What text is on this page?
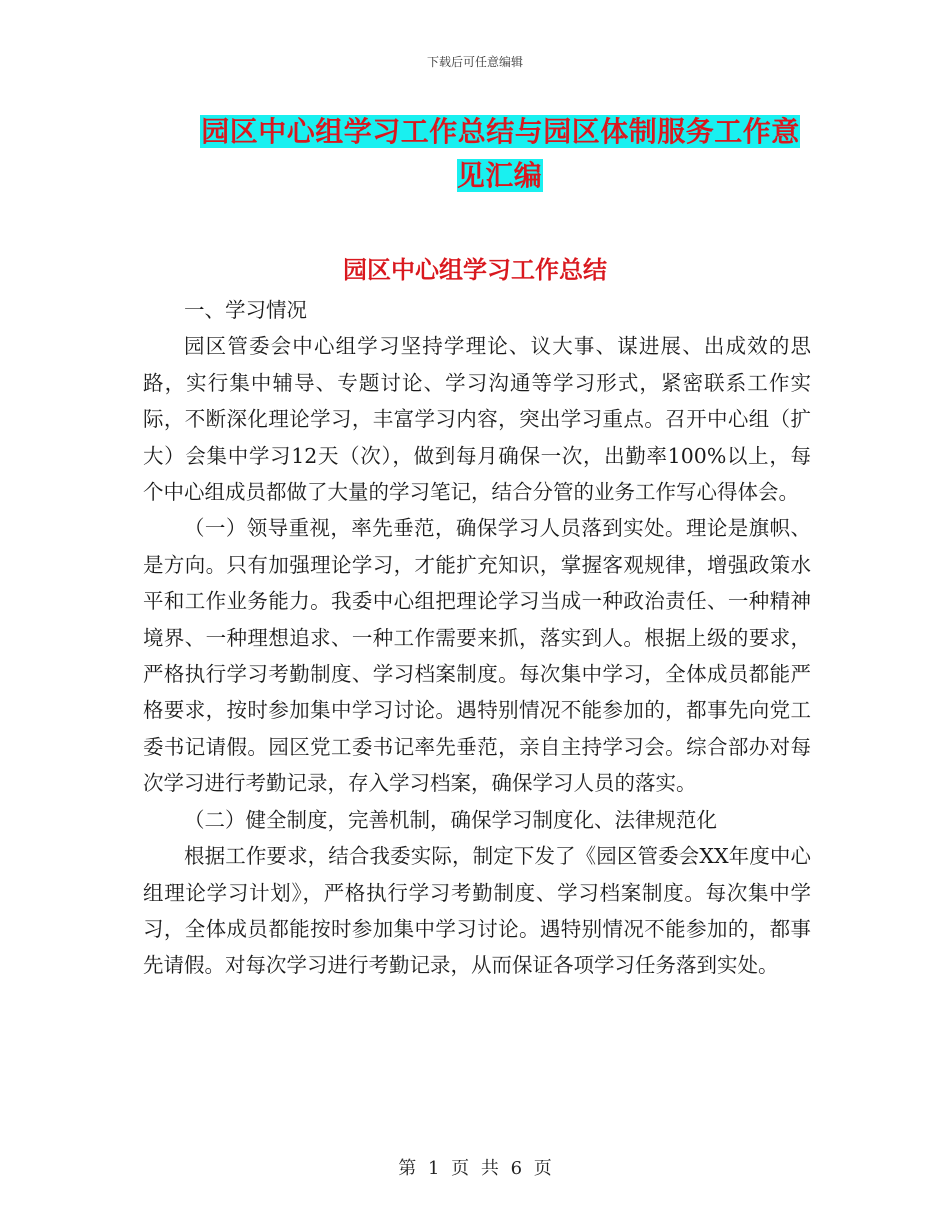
下载后可任意编辑
园区中心组学习工作总结与园区体制服务工作意见汇编
园区中心组学习工作总结

一、学习情况

园区管委会中心组学习坚持学理论、议大事、谋进展、出成效的思路，实行集中辅导、专题讨论、学习沟通等学习形式，紧密联系工作实际，不断深化理论学习，丰富学习内容，突出学习重点。召开中心组（扩大）会集中学习12天（次），做到每月确保一次，出勤率100%以上，每个中心组成员都做了大量的学习笔记，结合分管的业务工作写心得体会。

（一）领导重视，率先垂范，确保学习人员落到实处。理论是旗帜、是方向。只有加强理论学习，才能扩充知识，掌握客观规律，增强政策水平和工作业务能力。我委中心组把理论学习当成一种政治责任、一种精神境界、一种理想追求、一种工作需要来抓，落实到人。根据上级的要求，严格执行学习考勤制度、学习档案制度。每次集中学习，全体成员都能严格要求，按时参加集中学习讨论。遇特别情况不能参加的，都事先向党工委书记请假。园区党工委书记率先垂范，亲自主持学习会。综合部办对每次学习进行考勤记录，存入学习档案，确保学习人员的落实。

（二）健全制度，完善机制，确保学习制度化、法律规范化

根据工作要求，结合我委实际，制定下发了《园区管委会XX年度中心组理论学习计划》，严格执行学习考勤制度、学习档案制度。每次集中学习，全体成员都能按时参加集中学习讨论。遇特别情况不能参加的，都事先请假。对每次学习进行考勤记录，从而保证各项学习任务落到实处。

第 1 页 共 6 页
